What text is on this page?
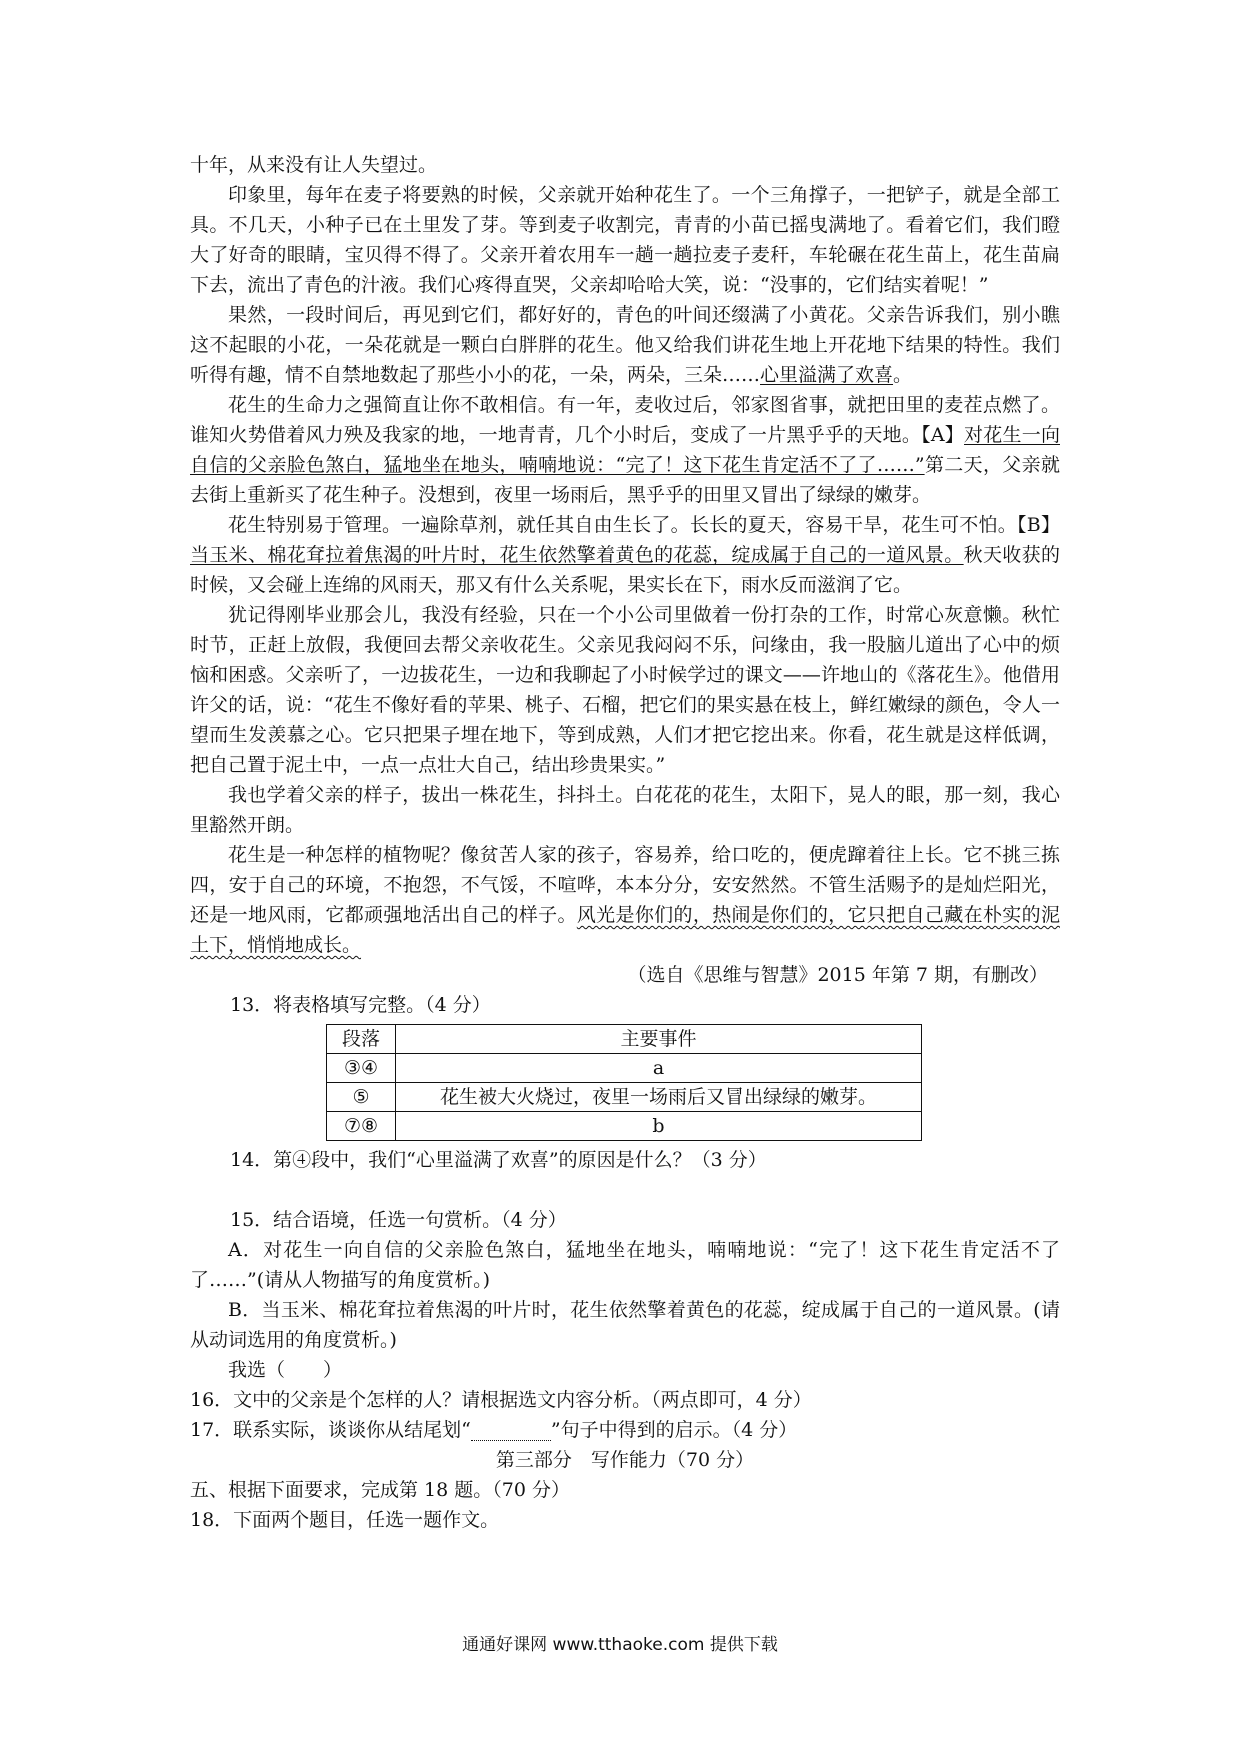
十年，从来没有让人失望过。

印象里，每年在麦子将要熟的时候，父亲就开始种花生了。一个三角撑子，一把铲子，就是全部工具。不几天，小种子已在土里发了芽。等到麦子收割完，青青的小苗已摇曳满地了。看着它们，我们瞪大了好奇的眼睛，宝贝得不得了。父亲开着农用车一趟一趟拉麦子麦秆，车轮碾在花生苗上，花生苗扁下去，流出了青色的汁液。我们心疼得直哭，父亲却哈哈大笑，说：“没事的，它们结实着呢！”

果然，一段时间后，再见到它们，都好好的，青色的叶间还缀满了小黄花。父亲告诉我们，别小瞧这不起眼的小花，一朵花就是一颗白白胖胖的花生。他又给我们讲花生地上开花地下结果的特性。我们听得有趣，情不自禁地数起了那些小小的花，一朵，两朵，三朵……心里溢满了欢喜。

花生的生命力之强简直让你不敢相信。有一年，麦收过后，邻家图省事，就把田里的麦茬点燃了。谁知火势借着风力殃及我家的地，一地青青，几个小时后，变成了一片黑乎乎的天地。【A】对花生一向自信的父亲脸色煞白，猛地坐在地头，喃喃地说：“完了！这下花生肯定活不了了……”第二天，父亲就去街上重新买了花生种子。没想到，夜里一场雨后，黑乎乎的田里又冒出了绿绿的嫩芽。

花生特别易于管理。一遍除草剂，就任其自由生长了。长长的夏天，容易干旱，花生可不怕。【B】当玉米、棉花耷拉着焦渴的叶片时，花生依然擎着黄色的花蕊，绽成属于自己的一道风景。秋天收获的时候，又会碰上连绵的风雨天，那又有什么关系呢，果实长在下，雨水反而滋润了它。

犹记得刚毕业那会儿，我没有经验，只在一个小公司里做着一份打杂的工作，时常心灰意懒。秋忙时节，正赶上放假，我便回去帮父亲收花生。父亲见我闷闷不乐，问缘由，我一股脑儿道出了心中的烦恼和困惑。父亲听了，一边拔花生，一边和我聊起了小时候学过的课文——许地山的《落花生》。他借用许父的话，说：“花生不像好看的苹果、桃子、石榴，把它们的果实悬在枝上，鲜红嫩绿的颜色，令人一望而生发羡慕之心。它只把果子埋在地下，等到成熟，人们才把它挖出来。你看，花生就是这样低调，把自己置于泥土中，一点一点壮大自己，结出珍贵果实。”

我也学着父亲的样子，拔出一株花生，抖抖土。白花花的花生，太阳下，晃人的眼，那一刻，我心里豁然开朗。

花生是一种怎样的植物呢？像贫苦人家的孩子，容易养，给口吃的，便虎蹿着往上长。它不挑三拣四，安于自己的环境，不抱怨，不气馁，不喧哗，本本分分，安安然然。不管生活赐予的是灿烂阳光，还是一地风雨，它都顽强地活出自己的样子。风光是你们的，热闹是你们的，它只把自己藏在朴实的泥土下，悄悄地成长。

（选自《思维与智慧》2015 年第 7 期，有删改）

13．将表格填写完整。（4 分）

段落	主要事件
③④	a
⑤	花生被大火烧过，夜里一场雨后又冒出绿绿的嫩芽。
⑦⑧	b

14．第④段中，我们“心里溢满了欢喜”的原因是什么？（3 分）

15．结合语境，任选一句赏析。（4 分）

A．对花生一向自信的父亲脸色煞白，猛地坐在地头，喃喃地说：“完了！这下花生肯定活不了了……”(请从人物描写的角度赏析。)

B．当玉米、棉花耷拉着焦渴的叶片时，花生依然擎着黄色的花蕊，绽成属于自己的一道风景。(请从动词选用的角度赏析。)

我选（　　）

16．文中的父亲是个怎样的人？请根据选文内容分析。（两点即可，4 分）

17．联系实际，谈谈你从结尾划“	”句子中得到的启示。（4 分）

第三部分　写作能力（70 分）

五、根据下面要求，完成第 18 题。（70 分）

18．下面两个题目，任选一题作文。

通通好课网 www.tthaoke.com 提供下载
